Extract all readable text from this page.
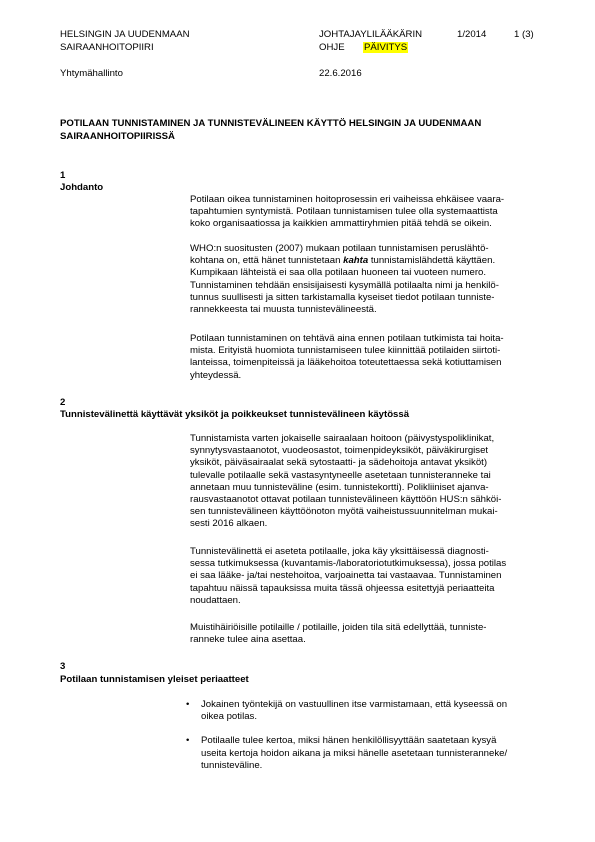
HELSINGIN JA UUDENMAAN
SAIRAANHOITOPIIRI
JOHTAJAYLILÄÄKÄRIN
OHJE PÄIVITYS
1/2014	1 (3)
Yhtymähallinto	22.6.2016
POTILAAN TUNNISTAMINEN JA TUNNISTEVÄLINEEN KÄYTTÖ HELSINGIN JA UUDENMAAN
SAIRAANHOITOPIIRISSÄ
1
Johdanto
Potilaan oikea tunnistaminen hoitoprosessin eri vaiheissa ehkäisee vaara-
tapahtumien syntymistä. Potilaan tunnistamisen tulee olla systemaattista
koko organisaatiossa ja kaikkien ammattiryhmien pitää tehdä se oikein.
WHO:n suositusten (2007) mukaan potilaan tunnistamisen peruslähtö-
kohtana on, että hänet tunnistetaan kahta tunnistamislähdettä käyttäen.
Kumpikaan lähteistä ei saa olla potilaan huoneen tai vuoteen numero.
Tunnistaminen tehdään ensisijaisesti kysymällä potilaalta nimi ja henkilö-
tunnus suullisesti ja sitten tarkistamalla kyseiset tiedot potilaan tunniste-
rannekkeesta tai muusta tunnistevälineestä.
Potilaan tunnistaminen on tehtävä aina ennen potilaan tutkimista tai hoita-
mista. Erityistä huomiota tunnistamiseen tulee kiinnittää potilaiden siirtoti-
lanteissa, toimenpiteissä ja lääkehoitoa toteutettaessa sekä kotiuttamisen
yhteydessä.
2
Tunnistevälinettä käyttävät yksiköt ja poikkeukset tunnistevälineen käytössä
Tunnistamista varten jokaiselle sairaalaan hoitoon (päivystyspoliklinikat,
synnytysvastaanotot, vuodeosastot, toimenpideyksiköt, päiväkirurgiset
yksiköt, päiväsairaalat sekä sytostaatti- ja sädehoitoja antavat yksiköt)
tulevalle potilaalle sekä vastasyntyneelle asetetaan tunnisteranneke tai
annetaan muu tunnisteväline (esim. tunnistekortti). Polikliiniset ajanva-
rausvastaanotot ottavat potilaan tunnistevälineen käyttöön HUS:n sähköi-
sen tunnistevälineen käyttöönoton myötä vaiheistussuunnitelman mukai-
sesti 2016 alkaen.
Tunnistevälinettä ei aseteta potilaalle, joka käy yksittäisessä diagnosti-
sessa tutkimuksessa (kuvantamis-/laboratoriotutkimuksessa), jossa potilas
ei saa lääke- ja/tai nestehoitoa, varjoainetta tai vastaavaa. Tunnistaminen
tapahtuu näissä tapauksissa muita tässä ohjeessa esitettyjä periaatteita
noudattaen.
Muistihäiriöisille potilaille / potilaille, joiden tila sitä edellyttää, tunniste-
ranneke tulee aina asettaa.
3
Potilaan tunnistamisen yleiset periaatteet
• Jokainen työntekijä on vastuullinen itse varmistamaan, että kyseessä on
oikea potilas.
• Potilaalle tulee kertoa, miksi hänen henkilöllisyyttään saatetaan kysyä
useita kertoja hoidon aikana ja miksi hänelle asetetaan tunnisteranneke/
tunnisteväline.
